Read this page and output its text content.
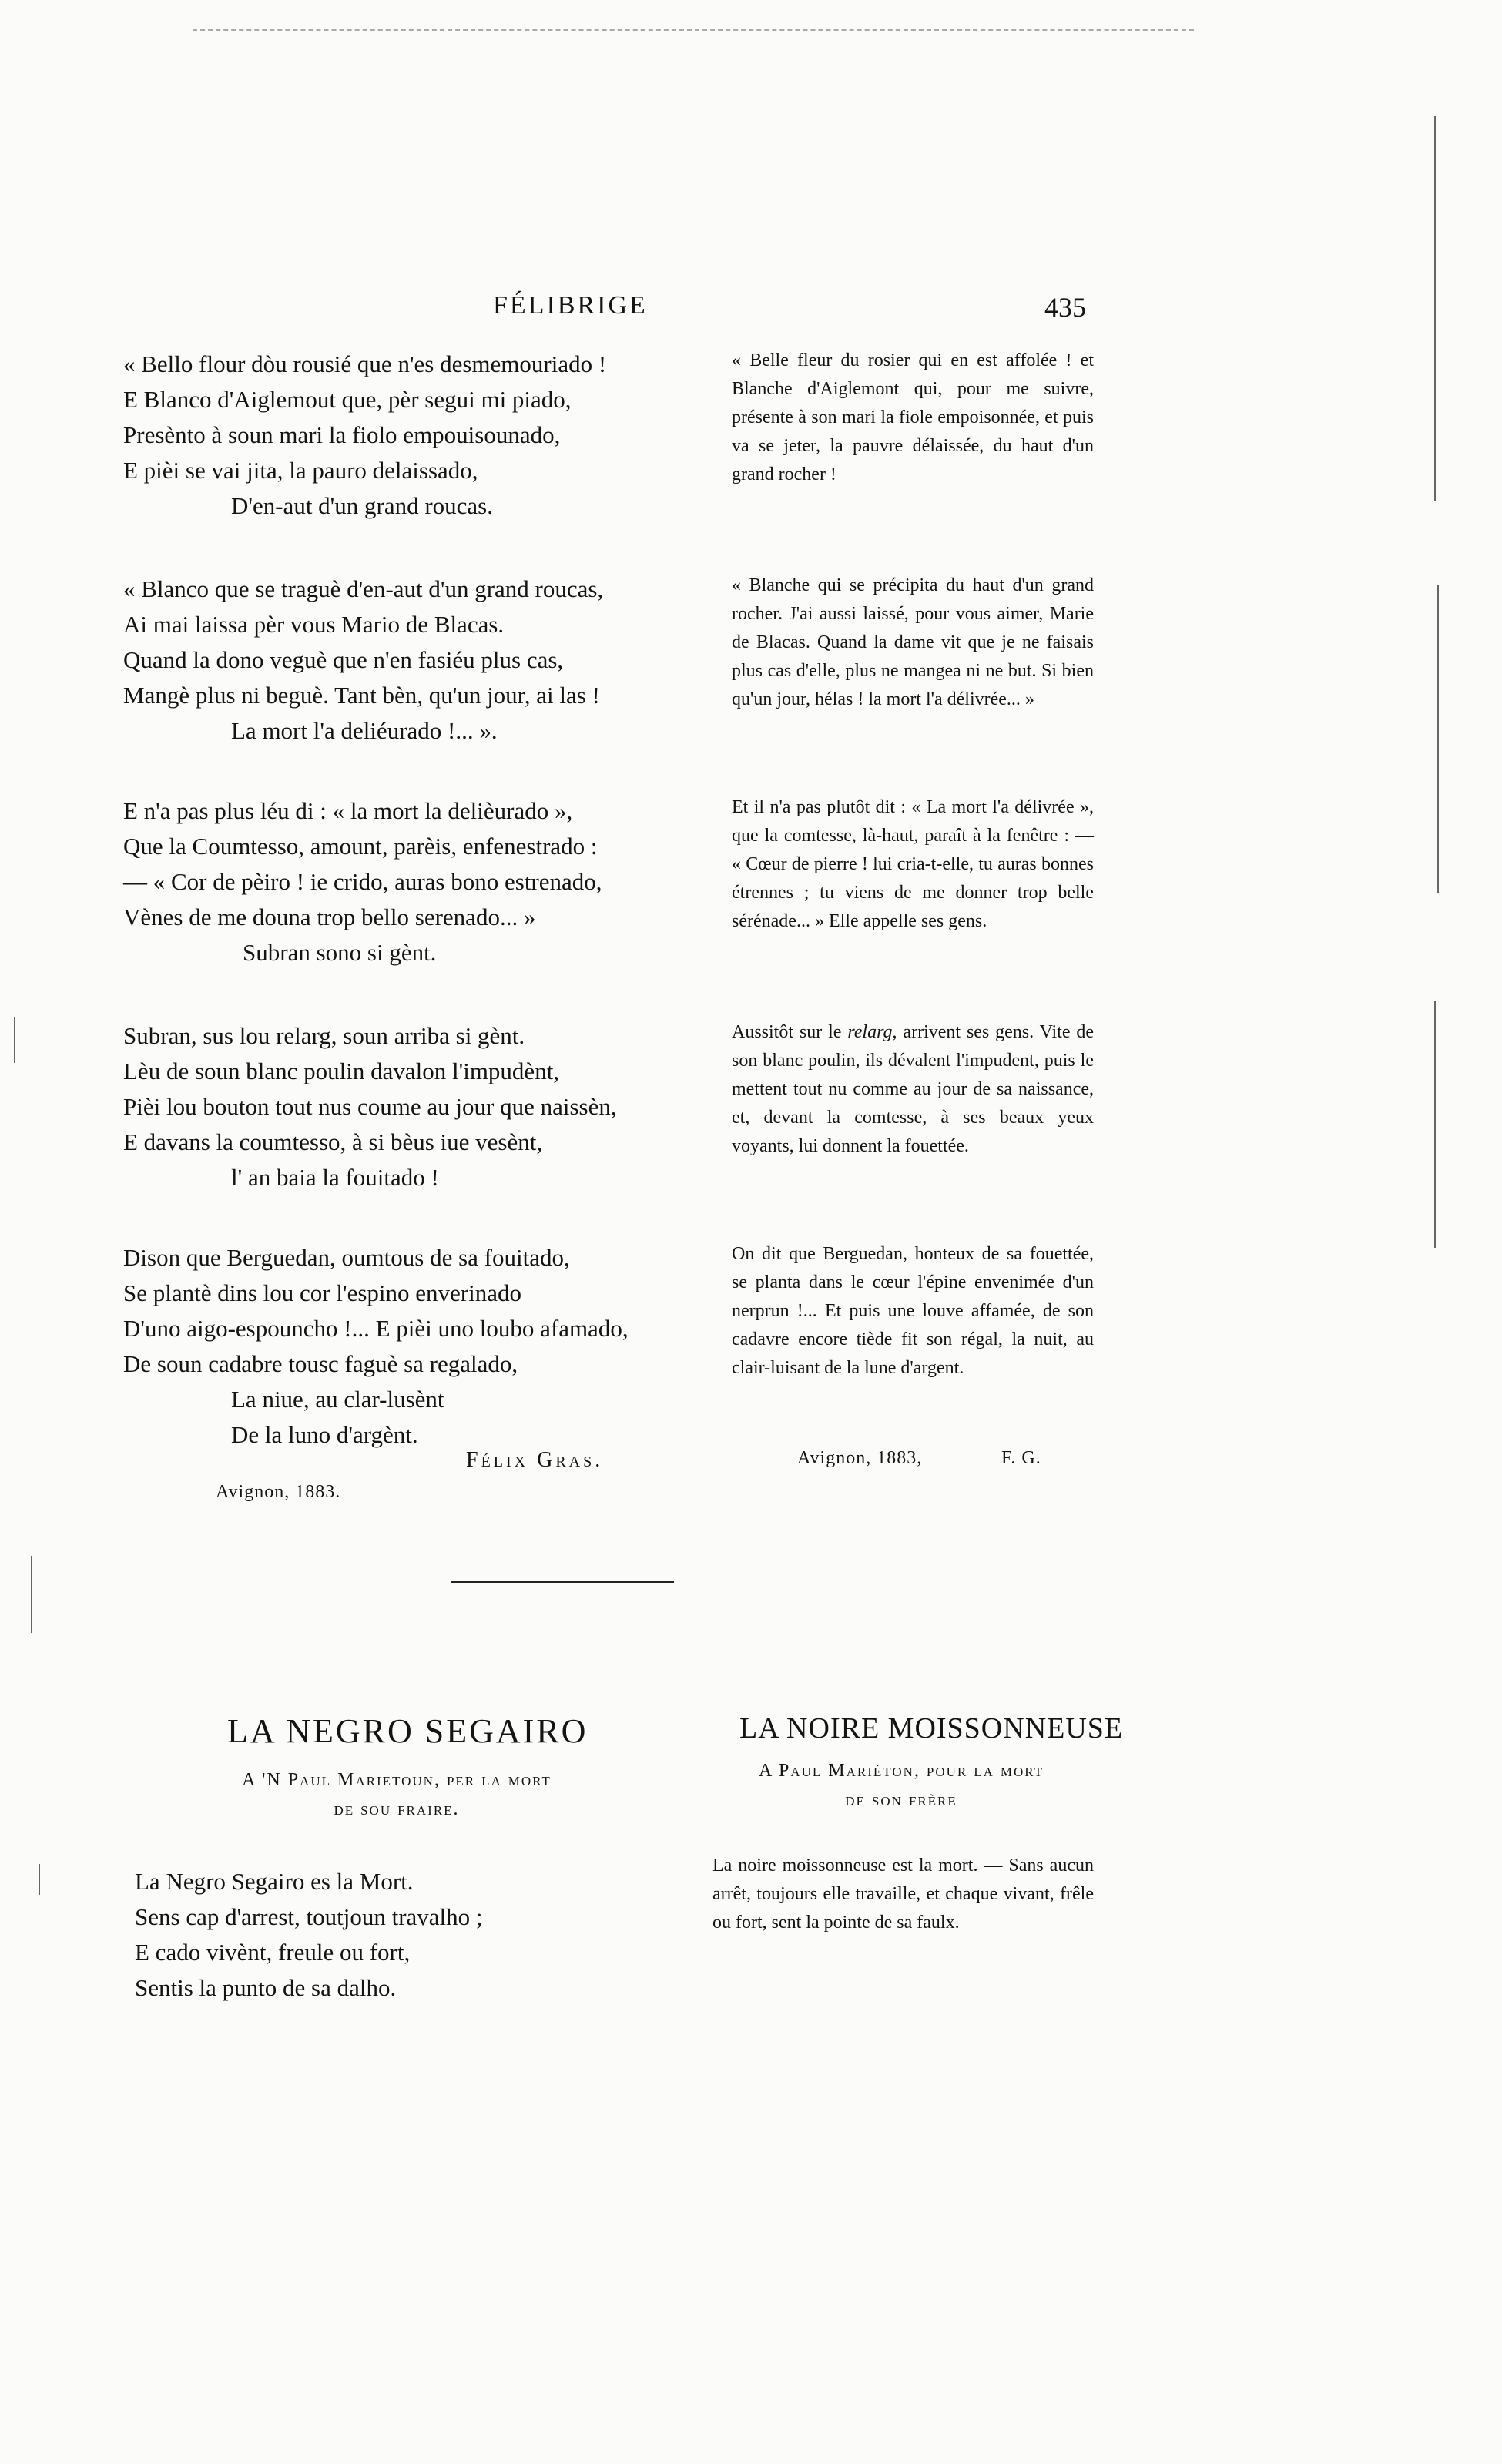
FÉLIBRIGE	435
« Bello flour dòu rousié que n'es desmemouriado !
E Blanco d'Aiglemout que, pèr segui mi piado,
Presènto à soun mari la fiolo empouisounado,
E pièi se vai jita, la pauro delaissado,
D'en-aut d'un grand roucas.

« Belle fleur du rosier qui en est affolée ! et Blanche d'Aiglemont qui, pour me suivre, présente à son mari la fiole empoisonnée, et puis va se jeter, la pauvre délaissée, du haut d'un grand rocher !

« Blanco que se traguè d'en-aut d'un grand roucas,
Ai mai laissa pèr vous Mario de Blacas.
Quand la dono veguè que n'en fasiéu plus cas,
Mangè plus ni beguè. Tant bèn, qu'un jour, ai las !
La mort l'a deliéurado !... ».

« Blanche qui se précipita du haut d'un grand rocher. J'ai aussi laissé, pour vous aimer, Marie de Blacas. Quand la dame vit que je ne faisais plus cas d'elle, plus ne mangea ni ne but. Si bien qu'un jour, hélas ! la mort l'a délivrée... »

E n'a pas plus léu di : « la mort la delièurado »,
Que la Coumtesso, amount, parèis, enfenestrado :
— « Cor de pèiro ! ie crido, auras bono estrenado,
Vènes de me douna trop bello serenado... »
Subran sono si gènt.

Et il n'a pas plutôt dit : « La mort l'a délivrée », que la comtesse, là-haut, paraît à la fenêtre : — « Cœur de pierre ! lui cria-t-elle, tu auras bonnes étrennes ; tu viens de me donner trop belle sérénade... » Elle appelle ses gens.

Subran, sus lou relarg, soun arriba si gènt.
Lèu de soun blanc poulin davalon l'impudènt,
Pièi lou bouton tout nus coume au jour que naissèn,
E davans la coumtesso, à si bèus iue vesènt,
l' an baia la fouitado !

Aussitôt sur le relarg, arrivent ses gens. Vite de son blanc poulin, ils dévalent l'impudent, puis le mettent tout nu comme au jour de sa naissance, et, devant la comtesse, à ses beaux yeux voyants, lui donnent la fouettée.

Dison que Berguedan, oumtous de sa fouitado,
Se plantè dins lou cor l'espino enverinado
D'uno aigo-espouncho !... E pièi uno loubo afamado,
De soun cadabre tousc faguè sa regalado,
La niue, au clar-lusènt
De la luno d'argènt.

On dit que Berguedan, honteux de sa fouettée, se planta dans le cœur l'épine envenimée d'un nerprun !... Et puis une louve affamée, de son cadavre encore tiède fit son régal, la nuit, au clair-luisant de la lune d'argent.

Félix Gras.
Avignon, 1883.
Avignon, 1883,	F. G.
LA NEGRO SEGAIRO	LA NOIRE MOISSONNEUSE
A 'N Paul Marietoun, per la mort
de sou fraire.
A Paul Mariéton, pour la mort
de son frère
La Negro Segairo es la Mort.
Sens cap d'arrest, toutjoun travalho ;
E cado vivènt, freule ou fort,
Sentis la punto de sa dalho.

La noire moissonneuse est la mort. — Sans aucun arrêt, toujours elle travaille, et chaque vivant, frêle ou fort, sent la pointe de sa faulx.
